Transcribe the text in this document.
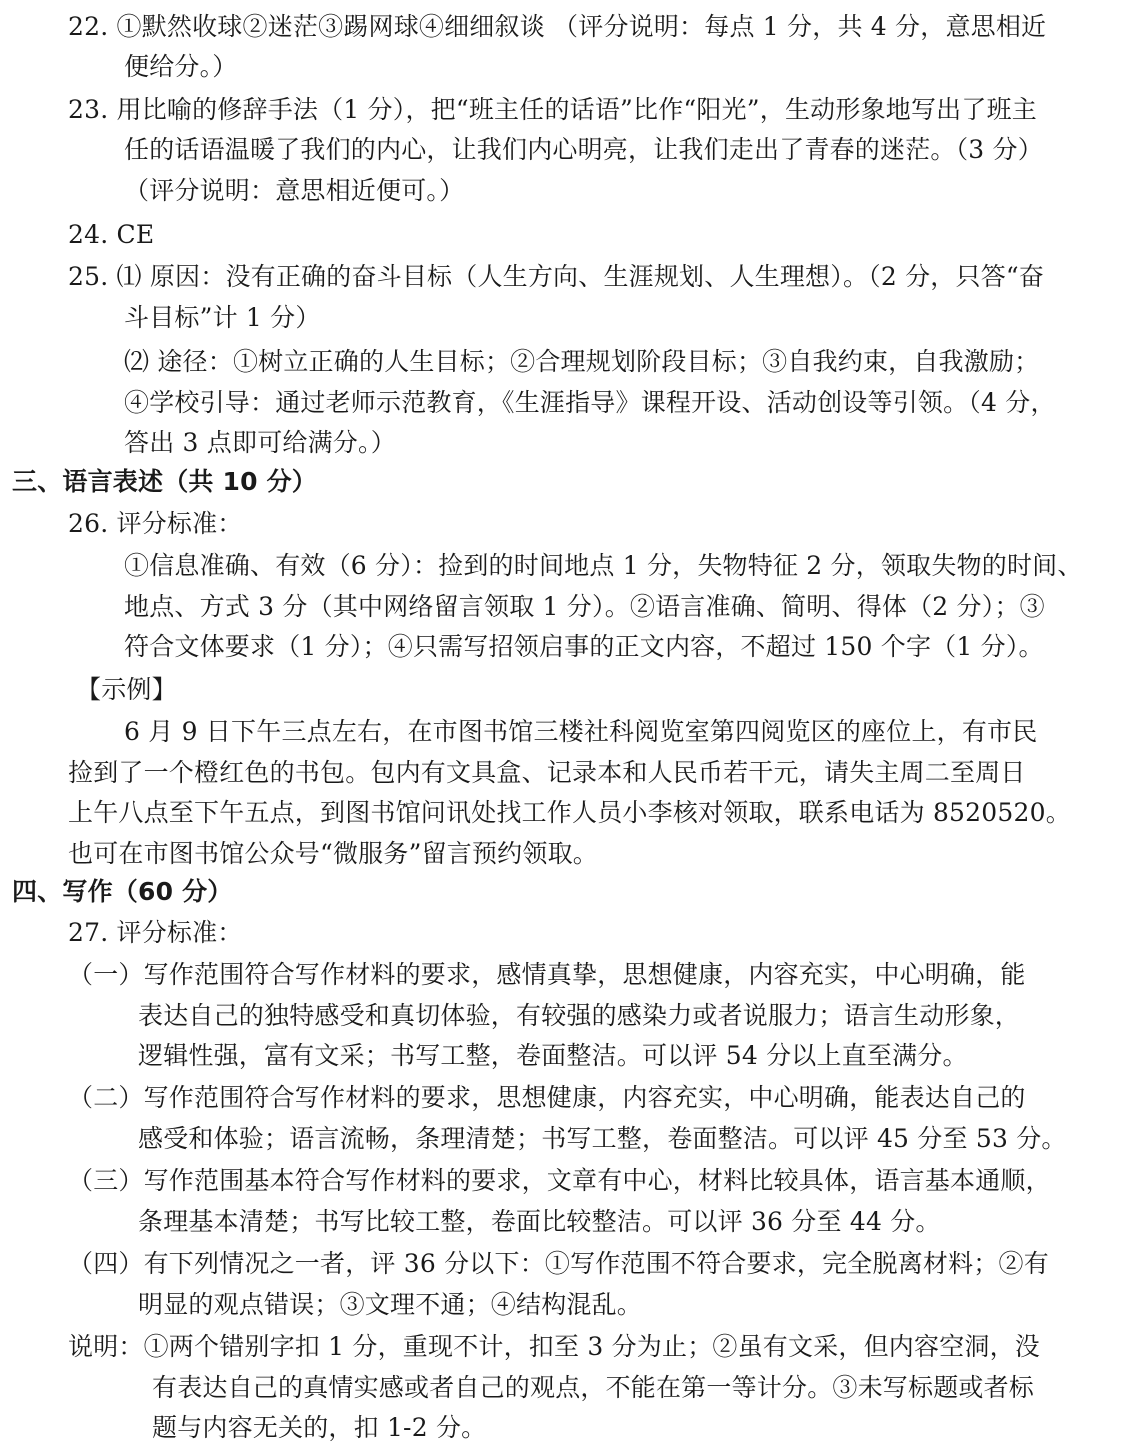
22. ①默然收球②迷茫③踢网球④细细叙谈 （评分说明：每点 1 分，共 4 分，意思相近
便给分。）
23. 用比喻的修辞手法（1 分），把“班主任的话语”比作“阳光”，生动形象地写出了班主
任的话语温暖了我们的内心，让我们内心明亮，让我们走出了青春的迷茫。（3 分）
（评分说明：意思相近便可。）
24. CE
25. ⑴ 原因：没有正确的奋斗目标（人生方向、生涯规划、人生理想）。（2 分，只答“奋
斗目标”计 1 分）
⑵ 途径：①树立正确的人生目标；②合理规划阶段目标；③自我约束，自我激励；
④学校引导：通过老师示范教育，《生涯指导》课程开设、活动创设等引领。（4 分，
答出 3 点即可给满分。）
三、语言表述（共 10 分）
26. 评分标准：
①信息准确、有效（6 分）：捡到的时间地点 1 分，失物特征 2 分，领取失物的时间、
地点、方式 3 分（其中网络留言领取 1 分）。②语言准确、简明、得体（2 分）；③
符合文体要求（1 分）；④只需写招领启事的正文内容，不超过 150 个字（1 分）。
【示例】
6 月 9 日下午三点左右，在市图书馆三楼社科阅览室第四阅览区的座位上，有市民
捡到了一个橙红色的书包。包内有文具盒、记录本和人民币若干元，请失主周二至周日
上午八点至下午五点，到图书馆问讯处找工作人员小李核对领取，联系电话为 8520520。
也可在市图书馆公众号“微服务”留言预约领取。
四、写作（60 分）
27. 评分标准：
（一）写作范围符合写作材料的要求，感情真挚，思想健康，内容充实，中心明确，能
表达自己的独特感受和真切体验，有较强的感染力或者说服力；语言生动形象，
逻辑性强，富有文采；书写工整，卷面整洁。可以评 54 分以上直至满分。
（二）写作范围符合写作材料的要求，思想健康，内容充实，中心明确，能表达自己的
感受和体验；语言流畅，条理清楚；书写工整，卷面整洁。可以评 45 分至 53 分。
（三）写作范围基本符合写作材料的要求，文章有中心，材料比较具体，语言基本通顺，
条理基本清楚；书写比较工整，卷面比较整洁。可以评 36 分至 44 分。
（四）有下列情况之一者，评 36 分以下：①写作范围不符合要求，完全脱离材料；②有
明显的观点错误；③文理不通；④结构混乱。
说明：①两个错别字扣 1 分，重现不计，扣至 3 分为止；②虽有文采，但内容空洞，没
有表达自己的真情实感或者自己的观点，不能在第一等计分。③未写标题或者标
题与内容无关的，扣 1-2 分。
